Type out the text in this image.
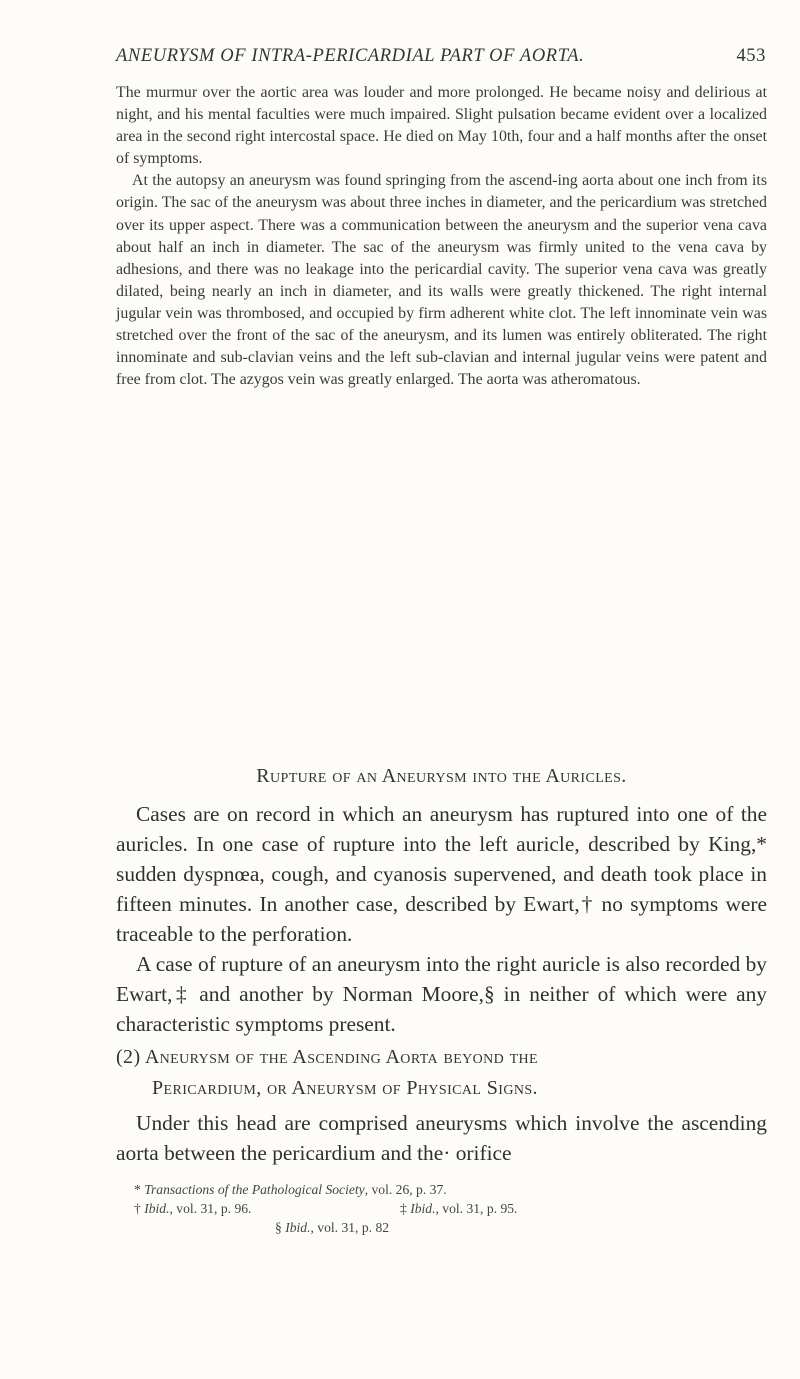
ANEURYSM OF INTRA-PERICARDIAL PART OF AORTA.	453

The murmur over the aortic area was louder and more prolonged. He became noisy and delirious at night, and his mental faculties were much impaired. Slight pulsation became evident over a localized area in the second right intercostal space. He died on May 10th, four and a half months after the onset of symptoms.

At the autopsy an aneurysm was found springing from the ascend-ing aorta about one inch from its origin. The sac of the aneurysm was about three inches in diameter, and the pericardium was stretched over its upper aspect. There was a communication between the aneurysm and the superior vena cava about half an inch in diameter. The sac of the aneurysm was firmly united to the vena cava by adhesions, and there was no leakage into the pericardial cavity. The superior vena cava was greatly dilated, being nearly an inch in diameter, and its walls were greatly thickened. The right internal jugular vein was thrombosed, and occupied by firm adherent white clot. The left innominate vein was stretched over the front of the sac of the aneurysm, and its lumen was entirely obliterated. The right innominate and sub-clavian veins and the left sub-clavian and internal jugular veins were patent and free from clot. The azygos vein was greatly enlarged. The aorta was atheromatous.

Rupture of an Aneurysm into the Auricles.

Cases are on record in which an aneurysm has ruptured into one of the auricles. In one case of rupture into the left auricle, described by King,* sudden dyspnœa, cough, and cyanosis supervened, and death took place in fifteen minutes. In another case, described by Ewart,† no symptoms were traceable to the perforation.

A case of rupture of an aneurysm into the right auricle is also recorded by Ewart,‡ and another by Norman Moore,§ in neither of which were any characteristic symptoms present.

(2) Aneurysm of the Ascending Aorta beyond the
Pericardium, or Aneurysm of Physical Signs.

Under this head are comprised aneurysms which involve the ascending aorta between the pericardium and the· orifice

* Transactions of the Pathological Society, vol. 26, p. 37.
† Ibid., vol. 31, p. 96.	‡ Ibid., vol. 31, p. 95.
§ Ibid., vol. 31, p. 82
